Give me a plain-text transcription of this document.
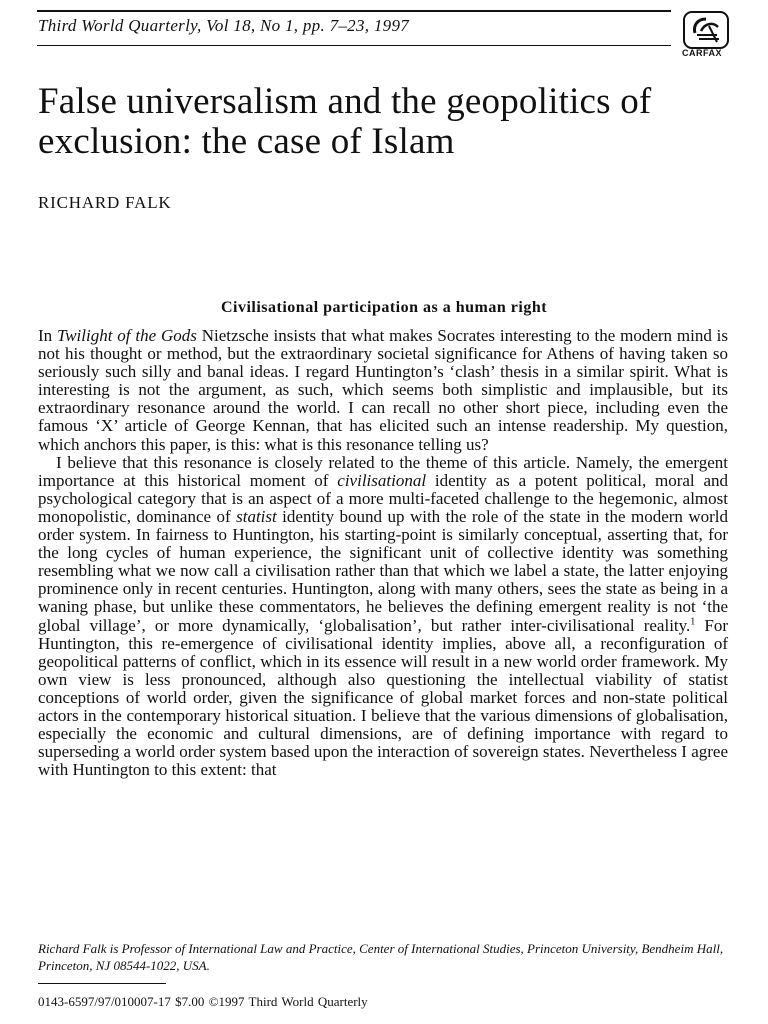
Third World Quarterly, Vol 18, No 1, pp. 7–23, 1997
CARFAX
False universalism and the geopolitics of exclusion: the case of Islam
RICHARD FALK
Civilisational participation as a human right

In Twilight of the Gods Nietzsche insists that what makes Socrates interesting to the modern mind is not his thought or method, but the extraordinary societal significance for Athens of having taken so seriously such silly and banal ideas. I regard Huntington’s ‘clash’ thesis in a similar spirit. What is interesting is not the argument, as such, which seems both simplistic and implausible, but its extraordinary resonance around the world. I can recall no other short piece, including even the famous ‘X’ article of George Kennan, that has elicited such an intense readership. My question, which anchors this paper, is this: what is this resonance telling us?

I believe that this resonance is closely related to the theme of this article. Namely, the emergent importance at this historical moment of civilisational identity as a potent political, moral and psychological category that is an aspect of a more multi-faceted challenge to the hegemonic, almost monopolistic, dominance of statist identity bound up with the role of the state in the modern world order system. In fairness to Huntington, his starting-point is similarly conceptual, asserting that, for the long cycles of human experience, the significant unit of collective identity was something resembling what we now call a civilisation rather than that which we label a state, the latter enjoying prominence only in recent centuries. Huntington, along with many others, sees the state as being in a waning phase, but unlike these commentators, he believes the defining emergent reality is not ‘the global village’, or more dynamically, ‘globalisation’, but rather inter-civilisational reality.$^1$ For Huntington, this re-emergence of civilisational identity implies, above all, a reconfiguration of geopolitical patterns of conflict, which in its essence will result in a new world order framework. My own view is less pronounced, although also questioning the intellectual viability of statist conceptions of world order, given the significance of global market forces and non-state political actors in the contemporary historical situation. I believe that the various dimensions of globalisation, especially the economic and cultural dimensions, are of defining importance with regard to superseding a world order system based upon the interaction of sovereign states. Nevertheless I agree with Huntington to this extent: that

Richard Falk is Professor of International Law and Practice, Center of International Studies, Princeton University, Bendheim Hall, Princeton, NJ 08544-1022, USA.
0143-6597/97/010007-17 $7.00 ©1997 Third World Quarterly
